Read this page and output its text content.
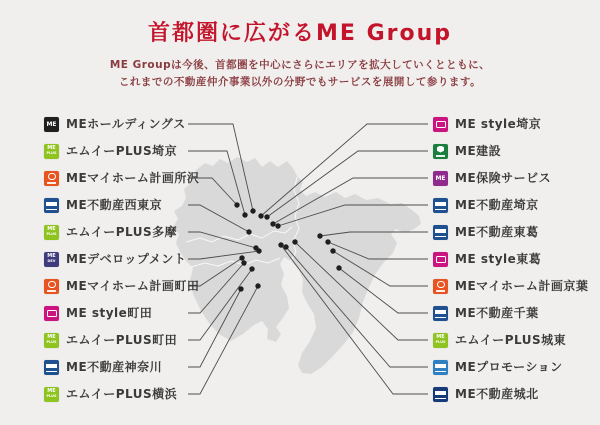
首都圏に広がるME Group
ME Groupは今後、首都圏を中心にさらにエリアを拡大していくとともに、
これまでの不動産仲介事業以外の分野でもサービスを展開して参ります。
ME MEホールディングス
ME
PLUS エムイーPLUS埼京
MEマイホーム計画所沢
ME不動産西東京
ME
PLUS エムイーPLUS多摩
ME
DEV MEデベロップメント
MEマイホーム計画町田
ME style町田
ME
PLUS エムイーPLUS町田
ME不動産神奈川
ME
PLUS エムイーPLUS横浜
ME style埼京
ME建設
ME ME保険サービス
ME不動産埼京
ME不動産東葛
ME style東葛
MEマイホーム計画京葉
ME不動産千葉
ME
PLUS エムイーPLUS城東
MEプロモーション
ME不動産城北
